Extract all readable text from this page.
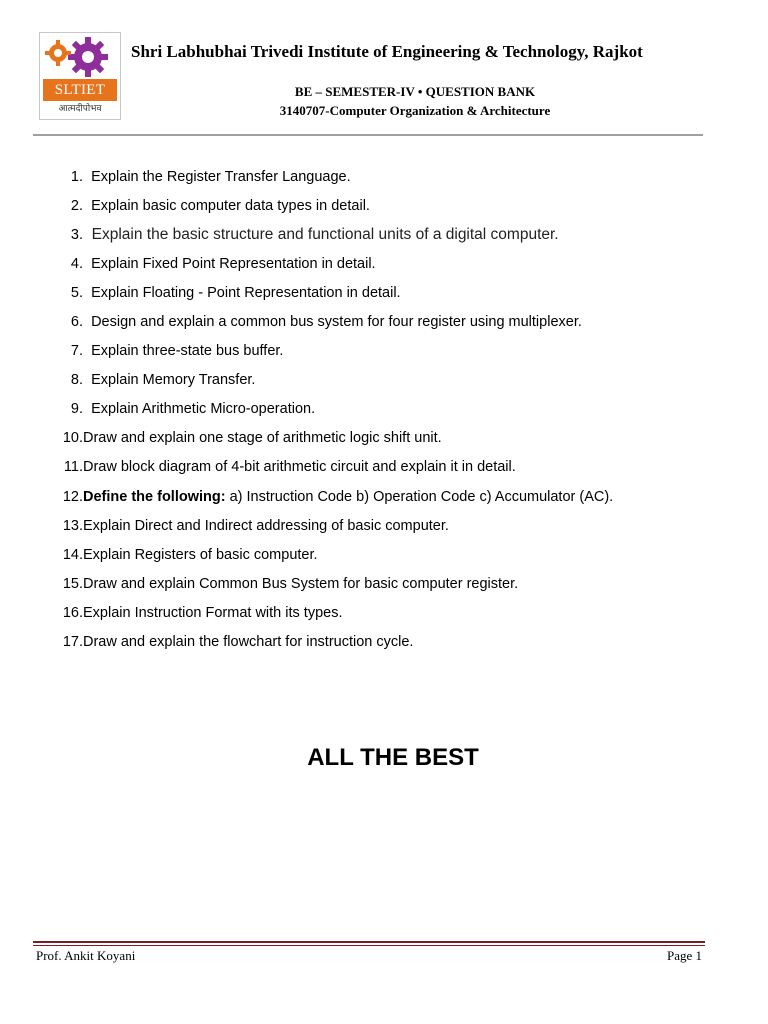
SLTIET
आत्मदीपोभव
Shri Labhubhai Trivedi Institute of Engineering & Technology, Rajkot
BE – SEMESTER-IV • QUESTION BANK
3140707-Computer Organization & Architecture
1.
Explain the Register Transfer Language.
2.
Explain basic computer data types in detail.
3.
Explain the basic structure and functional units of a digital computer.
4.
Explain Fixed Point Representation in detail.
5.
Explain Floating - Point Representation in detail.
6.
Design and explain a common bus system for four register using multiplexer.
7.
Explain three-state bus buffer.
8.
Explain Memory Transfer.
9.
Explain Arithmetic Micro-operation.
10. Draw and explain one stage of arithmetic logic shift unit.
11. Draw block diagram of 4-bit arithmetic circuit and explain it in detail.
12. Define the following: a) Instruction Code b) Operation Code c) Accumulator (AC).
13. Explain Direct and Indirect addressing of basic computer.
14. Explain Registers of basic computer.
15. Draw and explain Common Bus System for basic computer register.
16. Explain Instruction Format with its types.
17. Draw and explain the flowchart for instruction cycle.
ALL THE BEST
Prof. Ankit Koyani	Page 1
